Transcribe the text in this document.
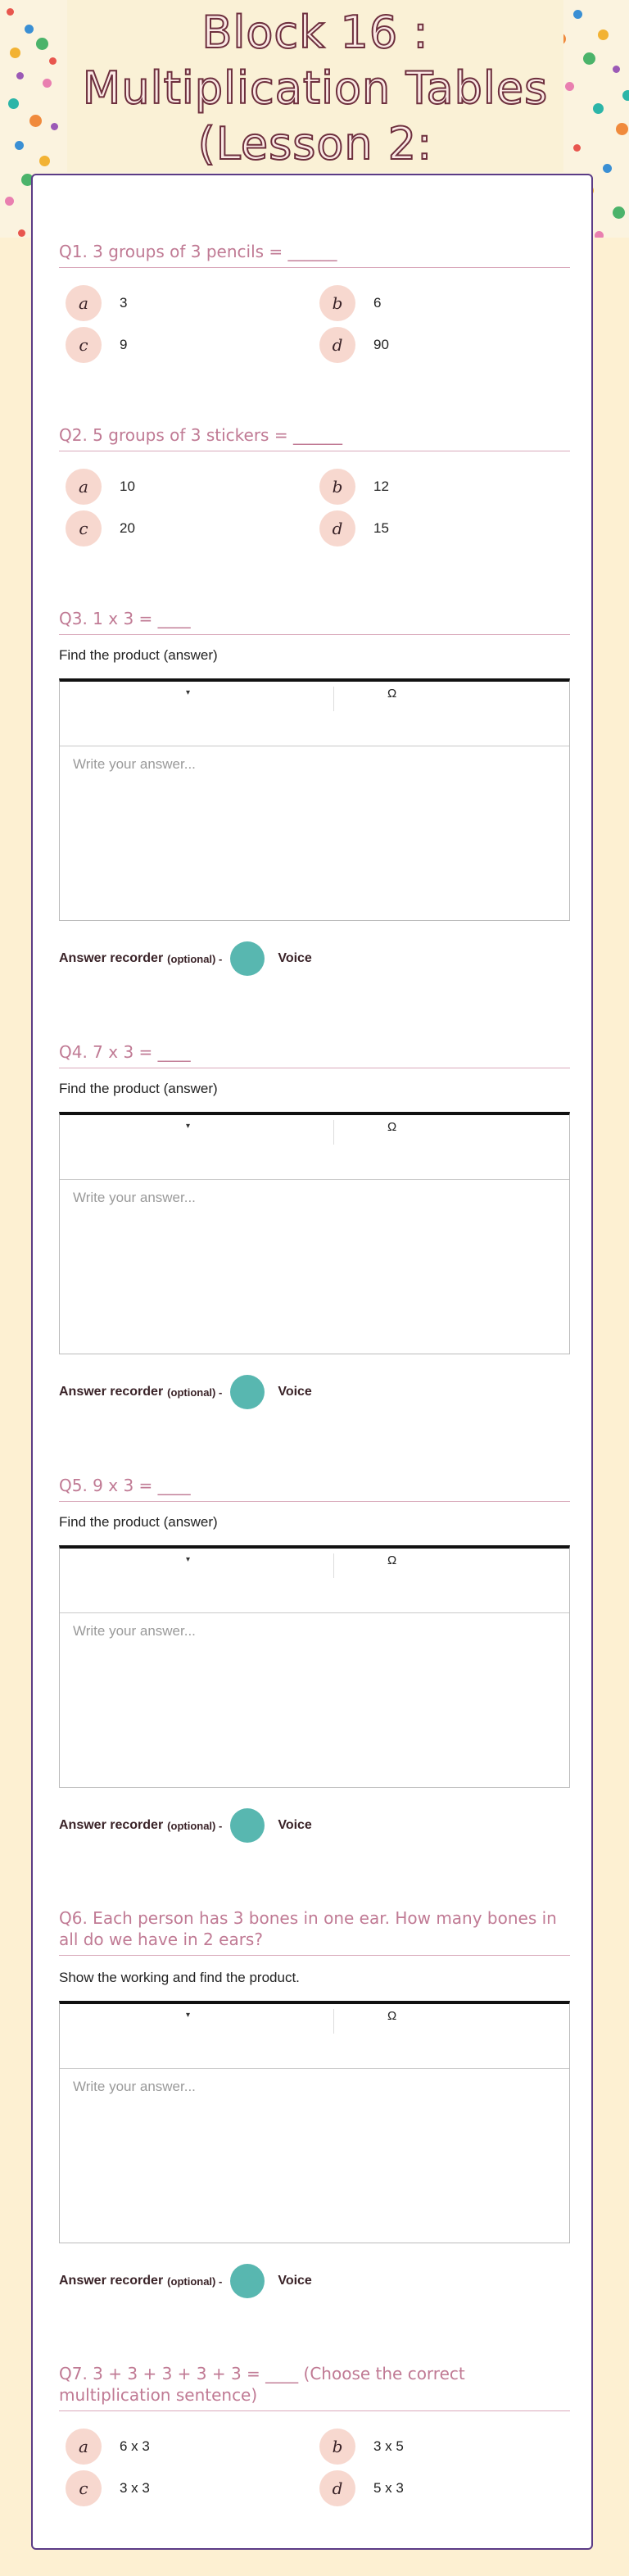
Block 16 :
Multiplication Tables
(Lesson 2:
Q1. 3 groups of 3 pencils = ______
a	3	b	6
c	9	d	90
Q2. 5 groups of 3 stickers = ______
a	10	b	12
c	20	d	15
Q3. 1 x 3 = ____
Find the product (answer)
▾	Ω
Write your answer...
Answer recorder (optional) -	Voice
Q4. 7 x 3 = ____
Find the product (answer)
▾	Ω
Write your answer...
Answer recorder (optional) -	Voice
Q5. 9 x 3 = ____
Find the product (answer)
▾	Ω
Write your answer...
Answer recorder (optional) -	Voice
Q6. Each person has 3 bones in one ear. How many bones in all do we have in 2 ears?
Show the working and find the product.
▾	Ω
Write your answer...
Answer recorder (optional) -	Voice
Q7. 3 + 3 + 3 + 3 + 3 = ____ (Choose the correct multiplication sentence)
a	6 x 3	b	3 x 5
c	3 x 3	d	5 x 3
